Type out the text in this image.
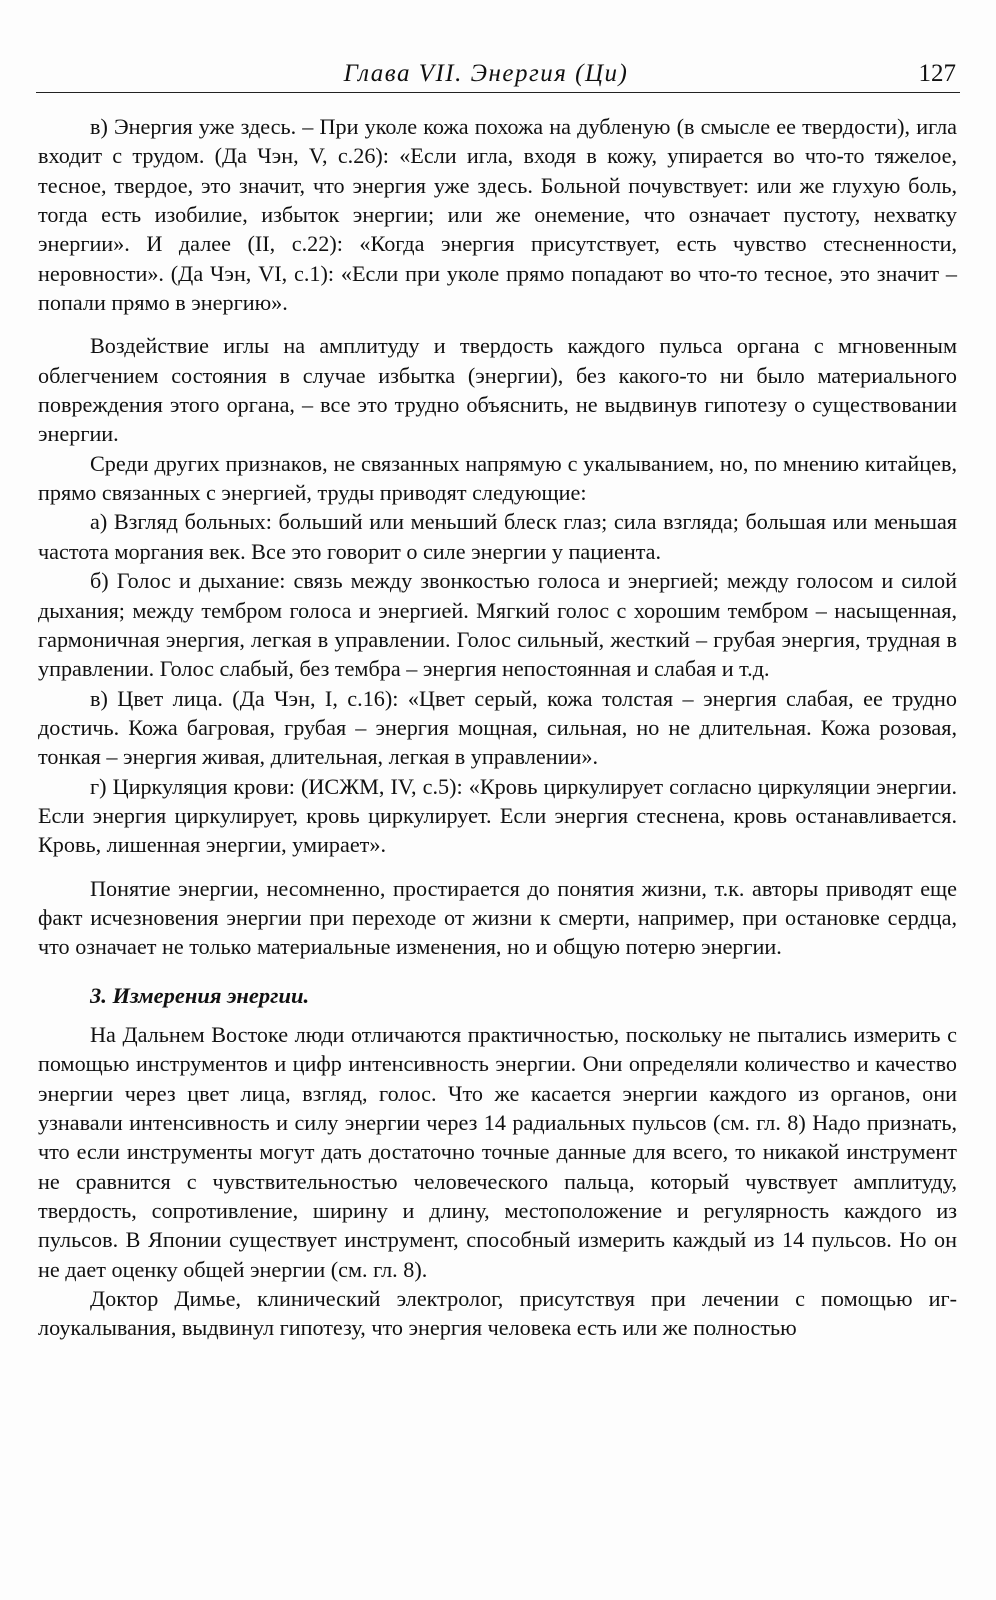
Глава VII. Энергия (Ци)	127

в) Энергия уже здесь. – При уколе кожа похожа на дубленую (в смысле ее твердости), игла входит с трудом. (Да Чэн, V, с.26): «Если игла, входя в кожу, упирается во что-то тяжелое, тесное, твердое, это значит, что энергия уже здесь. Больной почувствует: или же глухую боль, тогда есть изобилие, избыток энергии; или же онемение, что означает пустоту, нехватку энергии». И далее (II, с.22): «Когда энергия присутствует, есть чувство стесненности, неровности». (Да Чэн, VI, с.1): «Если при уколе прямо попадают во что-то тесное, это значит – попали прямо в энергию».

Воздействие иглы на амплитуду и твердость каждого пульса органа с мгновенным облегчением состояния в случае избытка (энергии), без какого-то ни было материального повреждения этого органа, – все это трудно объяснить, не выдвинув гипотезу о существовании энергии.

Среди других признаков, не связанных напрямую с укалыванием, но, по мнению китайцев, прямо связанных с энергией, труды приводят следующие:

а) Взгляд больных: больший или меньший блеск глаз; сила взгляда; большая или меньшая частота моргания век. Все это говорит о силе энергии у пациента.

б) Голос и дыхание: связь между звонкостью голоса и энергией; между голосом и силой дыхания; между тембром голоса и энергией. Мягкий голос с хорошим тембром – насыщенная, гармоничная энергия, легкая в управлении. Голос сильный, жесткий – грубая энергия, трудная в управлении. Голос слабый, без тембра – энергия непостоянная и слабая и т.д.

в) Цвет лица. (Да Чэн, I, с.16): «Цвет серый, кожа толстая – энергия слабая, ее трудно достичь. Кожа багровая, грубая – энергия мощная, сильная, но не длительная. Кожа розовая, тонкая – энергия живая, длительная, легкая в управлении».

г) Циркуляция крови: (ИСЖМ, IV, с.5): «Кровь циркулирует согласно циркуляции энергии. Если энергия циркулирует, кровь циркулирует. Если энергия стеснена, кровь останавливается. Кровь, лишенная энергии, умирает».

Понятие энергии, несомненно, простирается до понятия жизни, т.к. авторы приводят еще факт исчезновения энергии при переходе от жизни к смерти, например, при остановке сердца, что означает не только материальные изменения, но и общую потерю энергии.

3. Измерения энергии.

На Дальнем Востоке люди отличаются практичностью, поскольку не пытались измерить с помощью инструментов и цифр интенсивность энергии. Они определяли количество и качество энергии через цвет лица, взгляд, голос. Что же касается энергии каждого из органов, они узнавали интенсивность и силу энергии через 14 радиальных пульсов (см. гл. 8) Надо признать, что если инструменты могут дать достаточно точные данные для всего, то никакой инструмент не сравнится с чувствительностью человеческого пальца, который чувствует амплитуду, твердость, сопротивление, ширину и длину, местоположение и регулярность каждого из пульсов. В Японии существует инструмент, способный измерить каждый из 14 пульсов. Но он не дает оценку общей энергии (см. гл. 8).

Доктор Димье, клинический электролог, присутствуя при лечении с помощью иглоукалывания, выдвинул гипотезу, что энергия человека есть или же полностью
